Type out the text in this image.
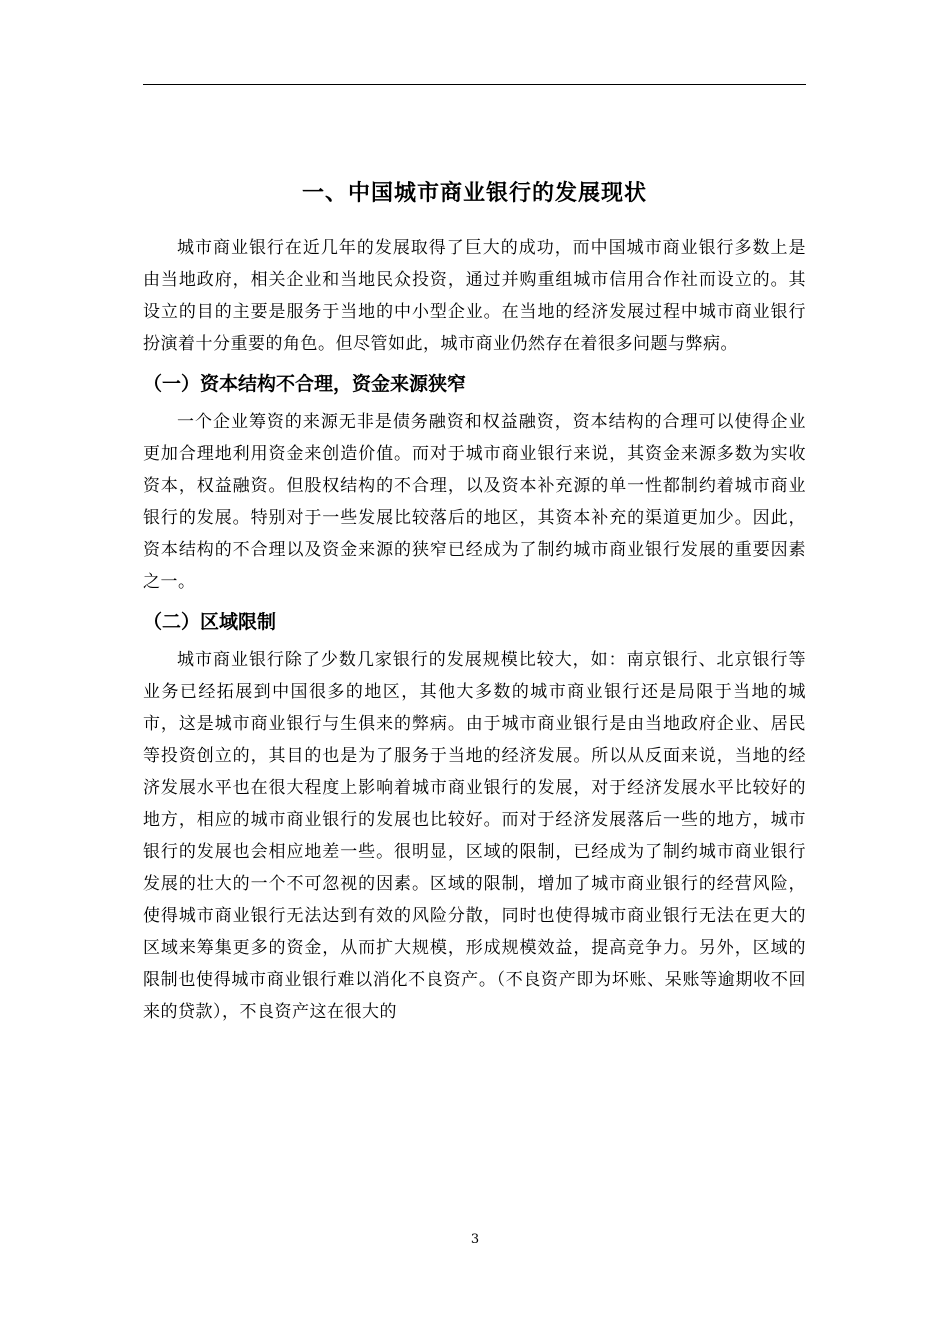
一、中国城市商业银行的发展现状

城市商业银行在近几年的发展取得了巨大的成功，而中国城市商业银行多数上是由当地政府，相关企业和当地民众投资，通过并购重组城市信用合作社而设立的。其设立的目的主要是服务于当地的中小型企业。在当地的经济发展过程中城市商业银行扮演着十分重要的角色。但尽管如此，城市商业仍然存在着很多问题与弊病。

（一）资本结构不合理，资金来源狭窄

一个企业筹资的来源无非是债务融资和权益融资，资本结构的合理可以使得企业更加合理地利用资金来创造价值。而对于城市商业银行来说，其资金来源多数为实收资本，权益融资。但股权结构的不合理，以及资本补充源的单一性都制约着城市商业银行的发展。特别对于一些发展比较落后的地区，其资本补充的渠道更加少。因此，资本结构的不合理以及资金来源的狭窄已经成为了制约城市商业银行发展的重要因素之一。

（二）区域限制

城市商业银行除了少数几家银行的发展规模比较大，如：南京银行、北京银行等业务已经拓展到中国很多的地区，其他大多数的城市商业银行还是局限于当地的城市，这是城市商业银行与生俱来的弊病。由于城市商业银行是由当地政府企业、居民等投资创立的，其目的也是为了服务于当地的经济发展。所以从反面来说，当地的经济发展水平也在很大程度上影响着城市商业银行的发展，对于经济发展水平比较好的地方，相应的城市商业银行的发展也比较好。而对于经济发展落后一些的地方，城市银行的发展也会相应地差一些。很明显，区域的限制，已经成为了制约城市商业银行发展的壮大的一个不可忽视的因素。区域的限制，增加了城市商业银行的经营风险，使得城市商业银行无法达到有效的风险分散，同时也使得城市商业银行无法在更大的区域来筹集更多的资金，从而扩大规模，形成规模效益，提高竞争力。另外，区域的限制也使得城市商业银行难以消化不良资产。（不良资产即为坏账、呆账等逾期收不回来的贷款），不良资产这在很大的

3
